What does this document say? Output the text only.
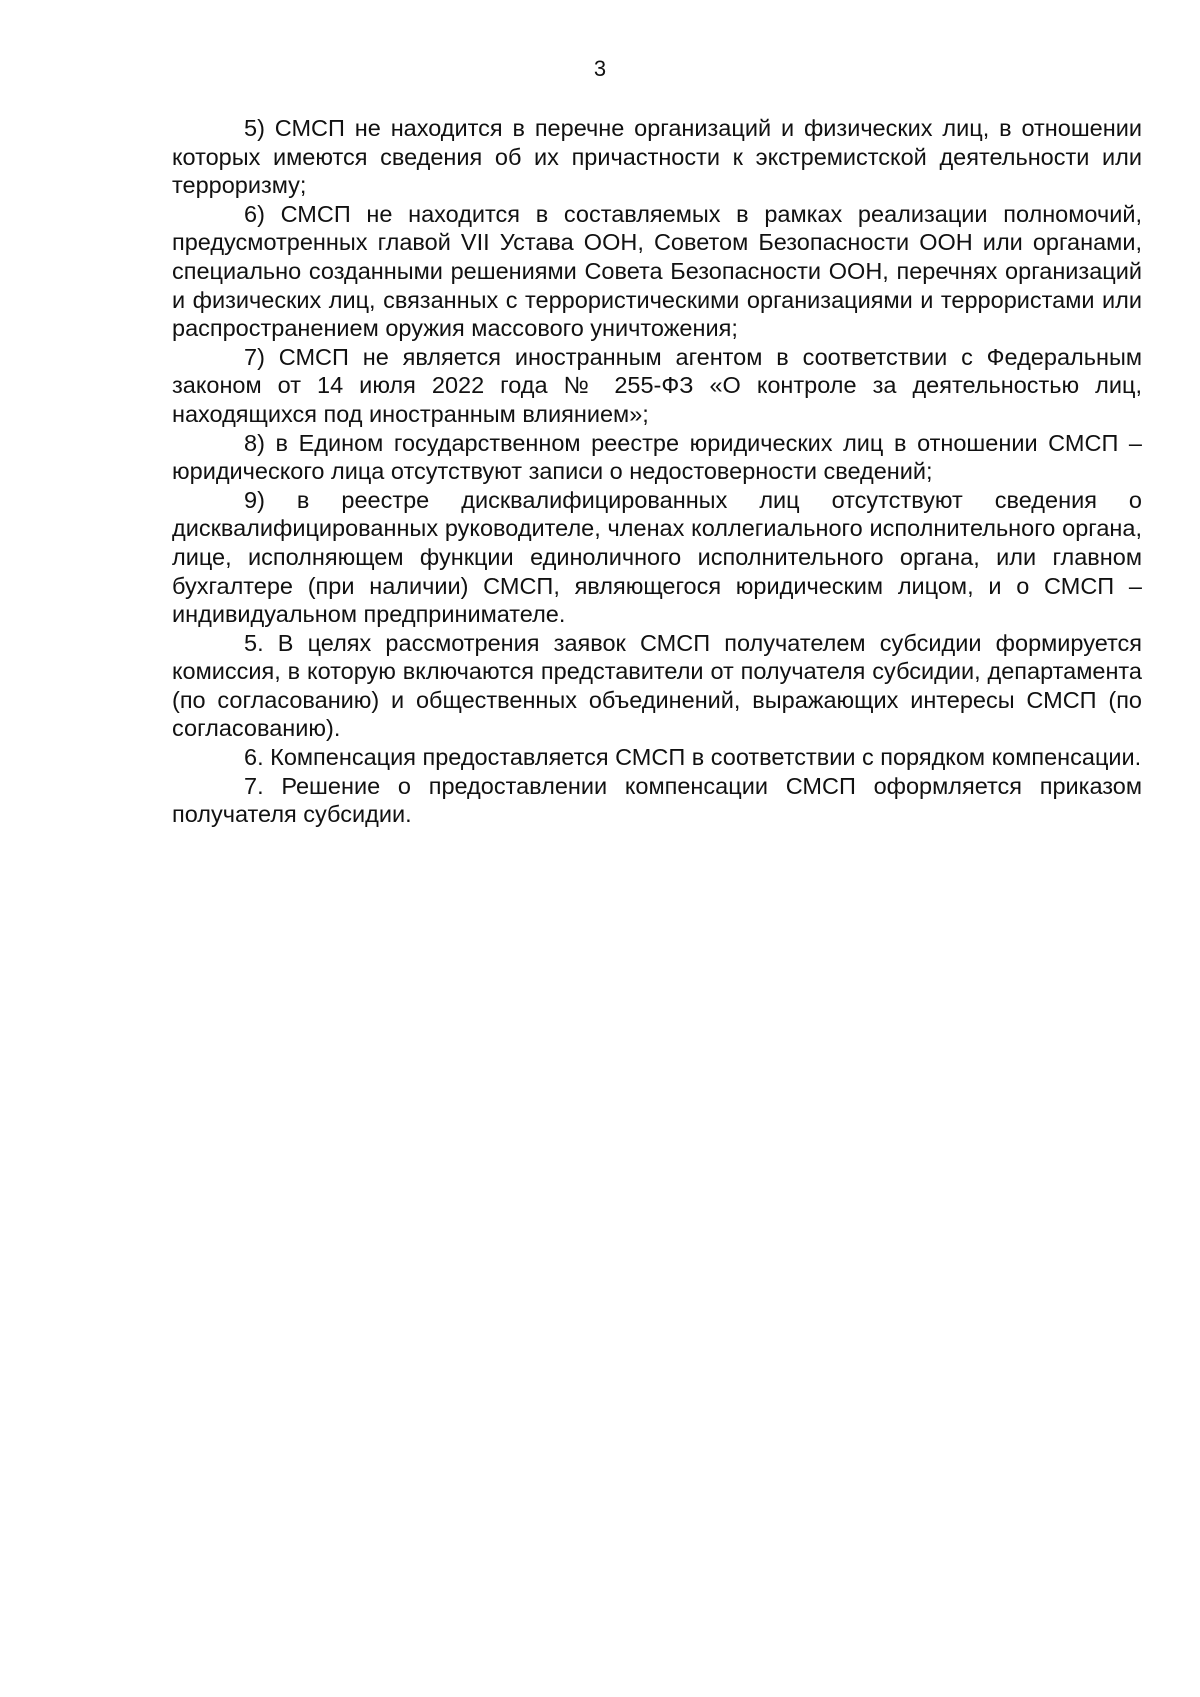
3

5) СМСП не находится в перечне организаций и физических лиц, в отношении которых имеются сведения об их причастности к экстремистской деятельности или терроризму;

6) СМСП не находится в составляемых в рамках реализации полномочий, предусмотренных главой VII Устава ООН, Советом Безопасности ООН или органами, специально созданными решениями Совета Безопасности ООН, перечнях организаций и физических лиц, связанных с террористическими организациями и террористами или распространением оружия массового уничтожения;

7) СМСП не является иностранным агентом в соответствии с Федеральным законом от 14 июля 2022 года № 255-ФЗ «О контроле за деятельностью лиц, находящихся под иностранным влиянием»;

8) в Едином государственном реестре юридических лиц в отношении СМСП – юридического лица отсутствуют записи о недостоверности сведений;

9) в реестре дисквалифицированных лиц отсутствуют сведения о дисквалифицированных руководителе, членах коллегиального исполнительного органа, лице, исполняющем функции единоличного исполнительного органа, или главном бухгалтере (при наличии) СМСП, являющегося юридическим лицом, и о СМСП – индивидуальном предпринимателе.

5. В целях рассмотрения заявок СМСП получателем субсидии формируется комиссия, в которую включаются представители от получателя субсидии, департамента (по согласованию) и общественных объединений, выражающих интересы СМСП (по согласованию).

6. Компенсация предоставляется СМСП в соответствии с порядком компенсации.

7. Решение о предоставлении компенсации СМСП оформляется приказом получателя субсидии.
